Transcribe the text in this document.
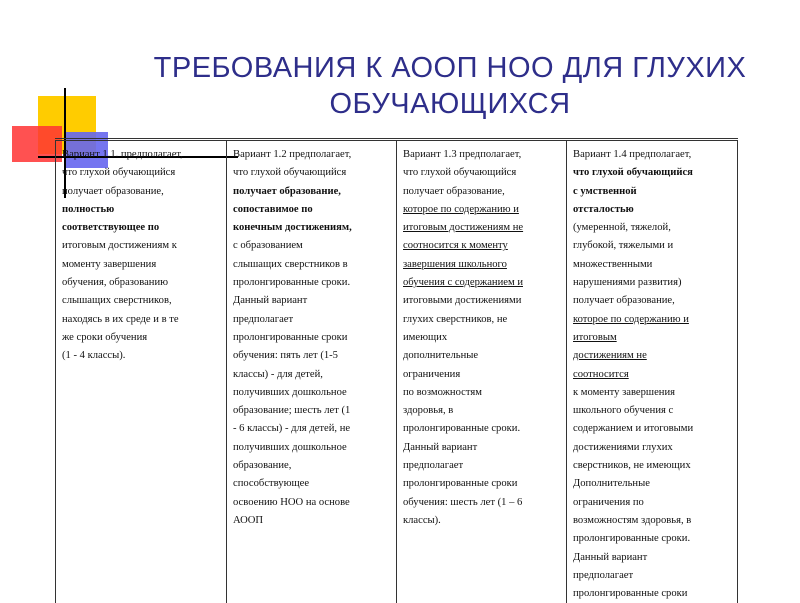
ТРЕБОВАНИЯ К АООП НОО ДЛЯ ГЛУХИХ
ОБУЧАЮЩИХСЯ
Вариант 1.1. предполагает,
что глухой обучающийся
получает образование,
полностью
соответствующее по
итоговым достижениям к
моменту завершения
обучения, образованию
слышащих сверстников,
находясь в их среде и в те
же сроки обучения
(1 - 4 классы).

Вариант 1.2 предполагает,
что глухой обучающийся
получает образование,
сопоставимое по
конечным достижениям,
с образованием
слышащих сверстников в
пролонгированные сроки.
Данный вариант
предполагает
пролонгированные сроки
обучения: пять лет (1-5
классы) - для детей,
получивших дошкольное
образование; шесть лет (1
- 6 классы) - для детей, не
получивших дошкольное
образование,
способствующее
освоению НОО на основе
АООП

Вариант 1.3 предполагает,
что глухой обучающийся
получает образование,
которое по содержанию и
итоговым достижениям не
соотносится к моменту
завершения школьного
обучения с содержанием и
итоговыми достижениями
глухих сверстников, не
имеющих
дополнительные
ограничения
по возможностям
здоровья, в
пролонгированные сроки.
Данный вариант
предполагает
пролонгированные сроки
обучения: шесть лет (1 – 6
классы).

Вариант 1.4 предполагает,
что глухой обучающийся
с умственной
отсталостью
(умеренной, тяжелой,
глубокой, тяжелыми и
множественными
нарушениями развития)
получает образование,
которое по содержанию и
итоговым
достижениям не
соотносится
к моменту завершения
школьного обучения с
содержанием и итоговыми
достижениями глухих
сверстников, не имеющих
Дополнительные
ограничения по
возможностям здоровья, в
пролонгированные сроки.
Данный вариант
предполагает
пролонгированные сроки
